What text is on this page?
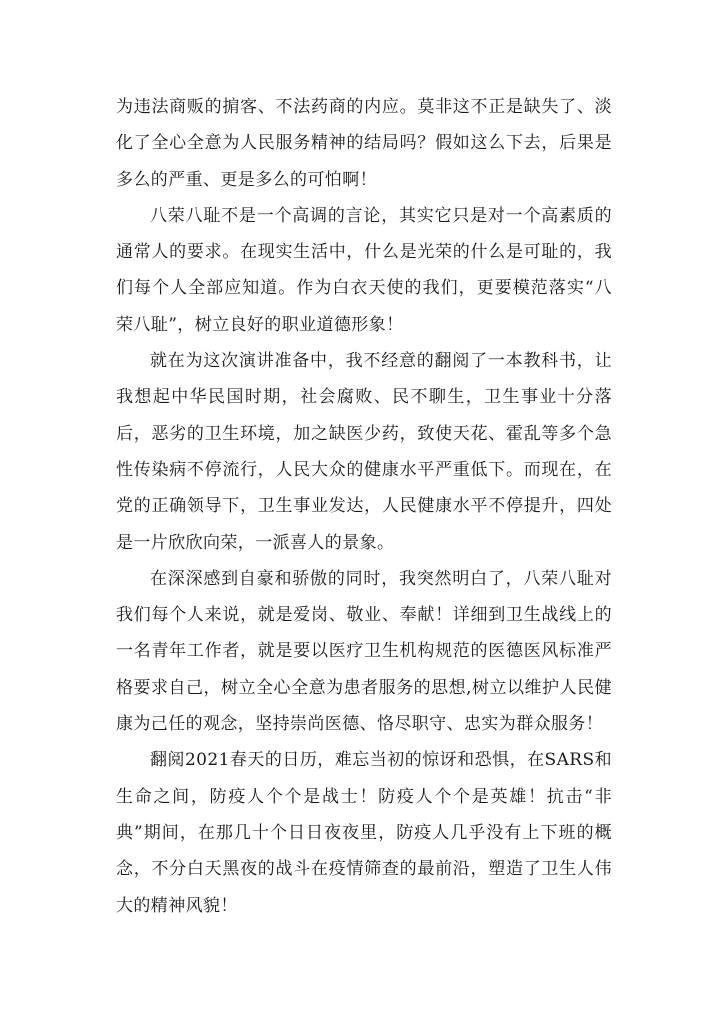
为违法商贩的掮客、不法药商的内应。莫非这不正是缺失了、淡化了全心全意为人民服务精神的结局吗？假如这么下去，后果是多么的严重、更是多么的可怕啊！

八荣八耻不是一个高调的言论，其实它只是对一个高素质的通常人的要求。在现实生活中，什么是光荣的什么是可耻的，我们每个人全部应知道。作为白衣天使的我们，更要模范落实“八荣八耻”，树立良好的职业道德形象！

就在为这次演讲准备中，我不经意的翻阅了一本教科书，让我想起中华民国时期，社会腐败、民不聊生，卫生事业十分落后，恶劣的卫生环境，加之缺医少药，致使天花、霍乱等多个急性传染病不停流行，人民大众的健康水平严重低下。而现在，在党的正确领导下，卫生事业发达，人民健康水平不停提升，四处是一片欣欣向荣，一派喜人的景象。

在深深感到自豪和骄傲的同时，我突然明白了，八荣八耻对我们每个人来说，就是爱岗、敬业、奉献！详细到卫生战线上的一名青年工作者，就是要以医疗卫生机构规范的医德医风标准严格要求自己，树立全心全意为患者服务的思想,树立以维护人民健康为己任的观念，坚持崇尚医德、恪尽职守、忠实为群众服务！

翻阅2021春天的日历，难忘当初的惊讶和恐惧，在SARS和生命之间，防疫人个个是战士！防疫人个个是英雄！抗击“非典”期间，在那几十个日日夜夜里，防疫人几乎没有上下班的概念，不分白天黑夜的战斗在疫情筛查的最前沿，塑造了卫生人伟大的精神风貌！
